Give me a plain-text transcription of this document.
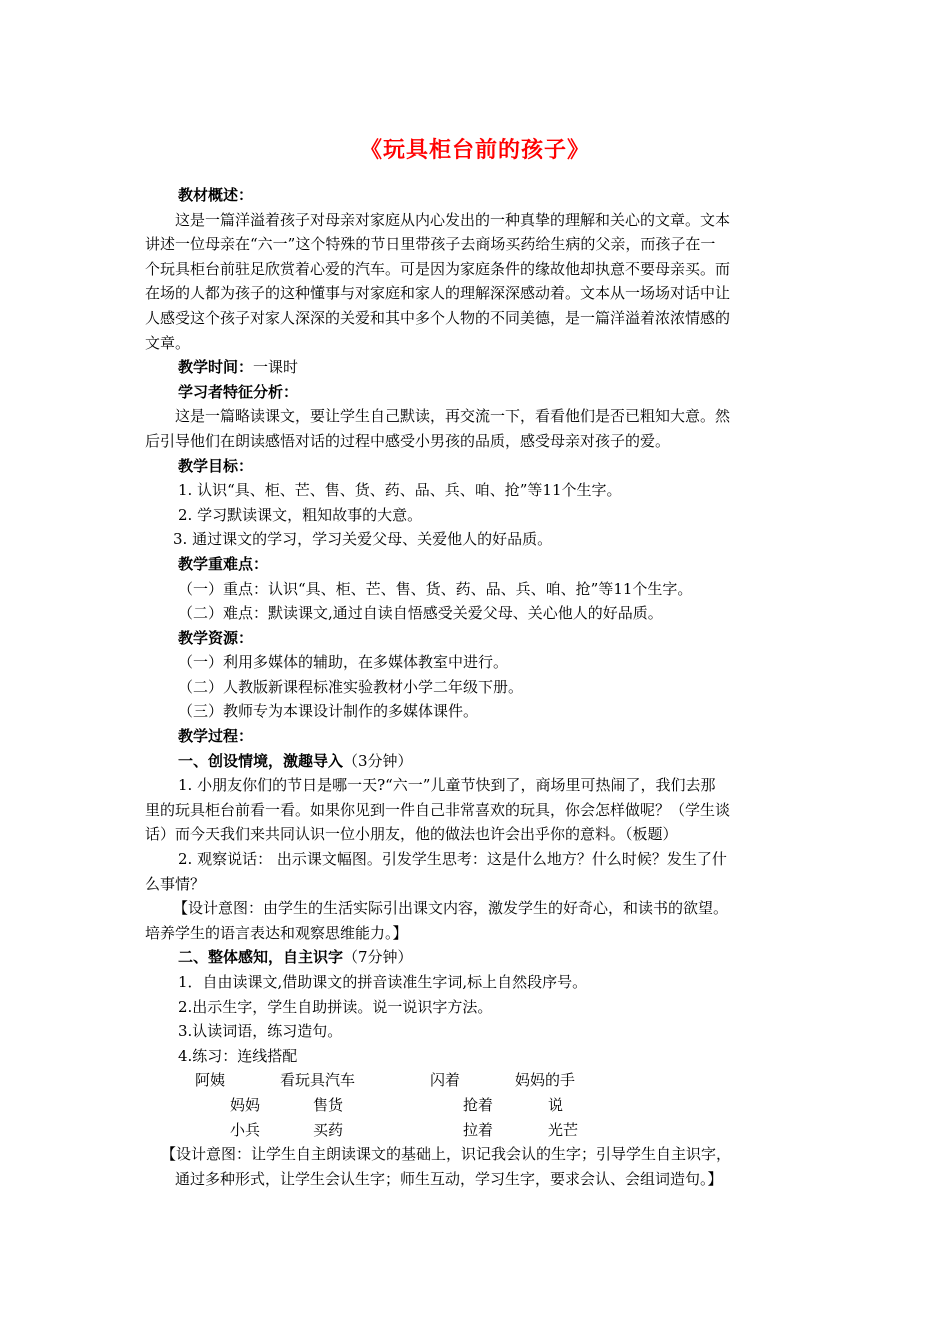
《玩具柜台前的孩子》
教材概述：
这是一篇洋溢着孩子对母亲对家庭从内心发出的一种真挚的理解和关心的文章。文本
讲述一位母亲在“六一”这个特殊的节日里带孩子去商场买药给生病的父亲，而孩子在一
个玩具柜台前驻足欣赏着心爱的汽车。可是因为家庭条件的缘故他却执意不要母亲买。而
在场的人都为孩子的这种懂事与对家庭和家人的理解深深感动着。文本从一场场对话中让
人感受这个孩子对家人深深的关爱和其中多个人物的不同美德，是一篇洋溢着浓浓情感的
文章。
教学时间：一课时
学习者特征分析：
这是一篇略读课文，要让学生自己默读，再交流一下，看看他们是否已粗知大意。然
后引导他们在朗读感悟对话的过程中感受小男孩的品质，感受母亲对孩子的爱。
教学目标：
1. 认识“具、柜、芒、售、货、药、品、兵、咱、抢”等11个生字。
2. 学习默读课文，粗知故事的大意。
3. 通过课文的学习，学习关爱父母、关爱他人的好品质。
教学重难点：
（一）重点：认识“具、柜、芒、售、货、药、品、兵、咱、抢”等11个生字。
（二）难点：默读课文,通过自读自悟感受关爱父母、关心他人的好品质。
教学资源：
（一）利用多媒体的辅助，在多媒体教室中进行。
（二）人教版新课程标准实验教材小学二年级下册。
（三）教师专为本课设计制作的多媒体课件。
教学过程：
一、创设情境，激趣导入（3分钟）
1. 小朋友你们的节日是哪一天?“六一”儿童节快到了，商场里可热闹了，我们去那
里的玩具柜台前看一看。如果你见到一件自己非常喜欢的玩具，你会怎样做呢？（学生谈
话）而今天我们来共同认识一位小朋友，他的做法也许会出乎你的意料。（板题）
2. 观察说话： 出示课文幅图。引发学生思考：这是什么地方？什么时候？发生了什
么事情？
【设计意图：由学生的生活实际引出课文内容，激发学生的好奇心，和读书的欲望。
培养学生的语言表达和观察思维能力。】
二、整体感知，自主识字（7分钟）
1．自由读课文,借助课文的拼音读准生字词,标上自然段序号。
2.出示生字，学生自助拼读。说一说识字方法。
3.认读词语，练习造句。
4.练习：连线搭配
阿姨	看玩具汽车	闪着	妈妈的手
妈妈	售货	抢着	说
小兵	买药	拉着	光芒
【设计意图：让学生自主朗读课文的基础上，识记我会认的生字；引导学生自主识字，
通过多种形式，让学生会认生字；师生互动，学习生字，要求会认、会组词造句。】
